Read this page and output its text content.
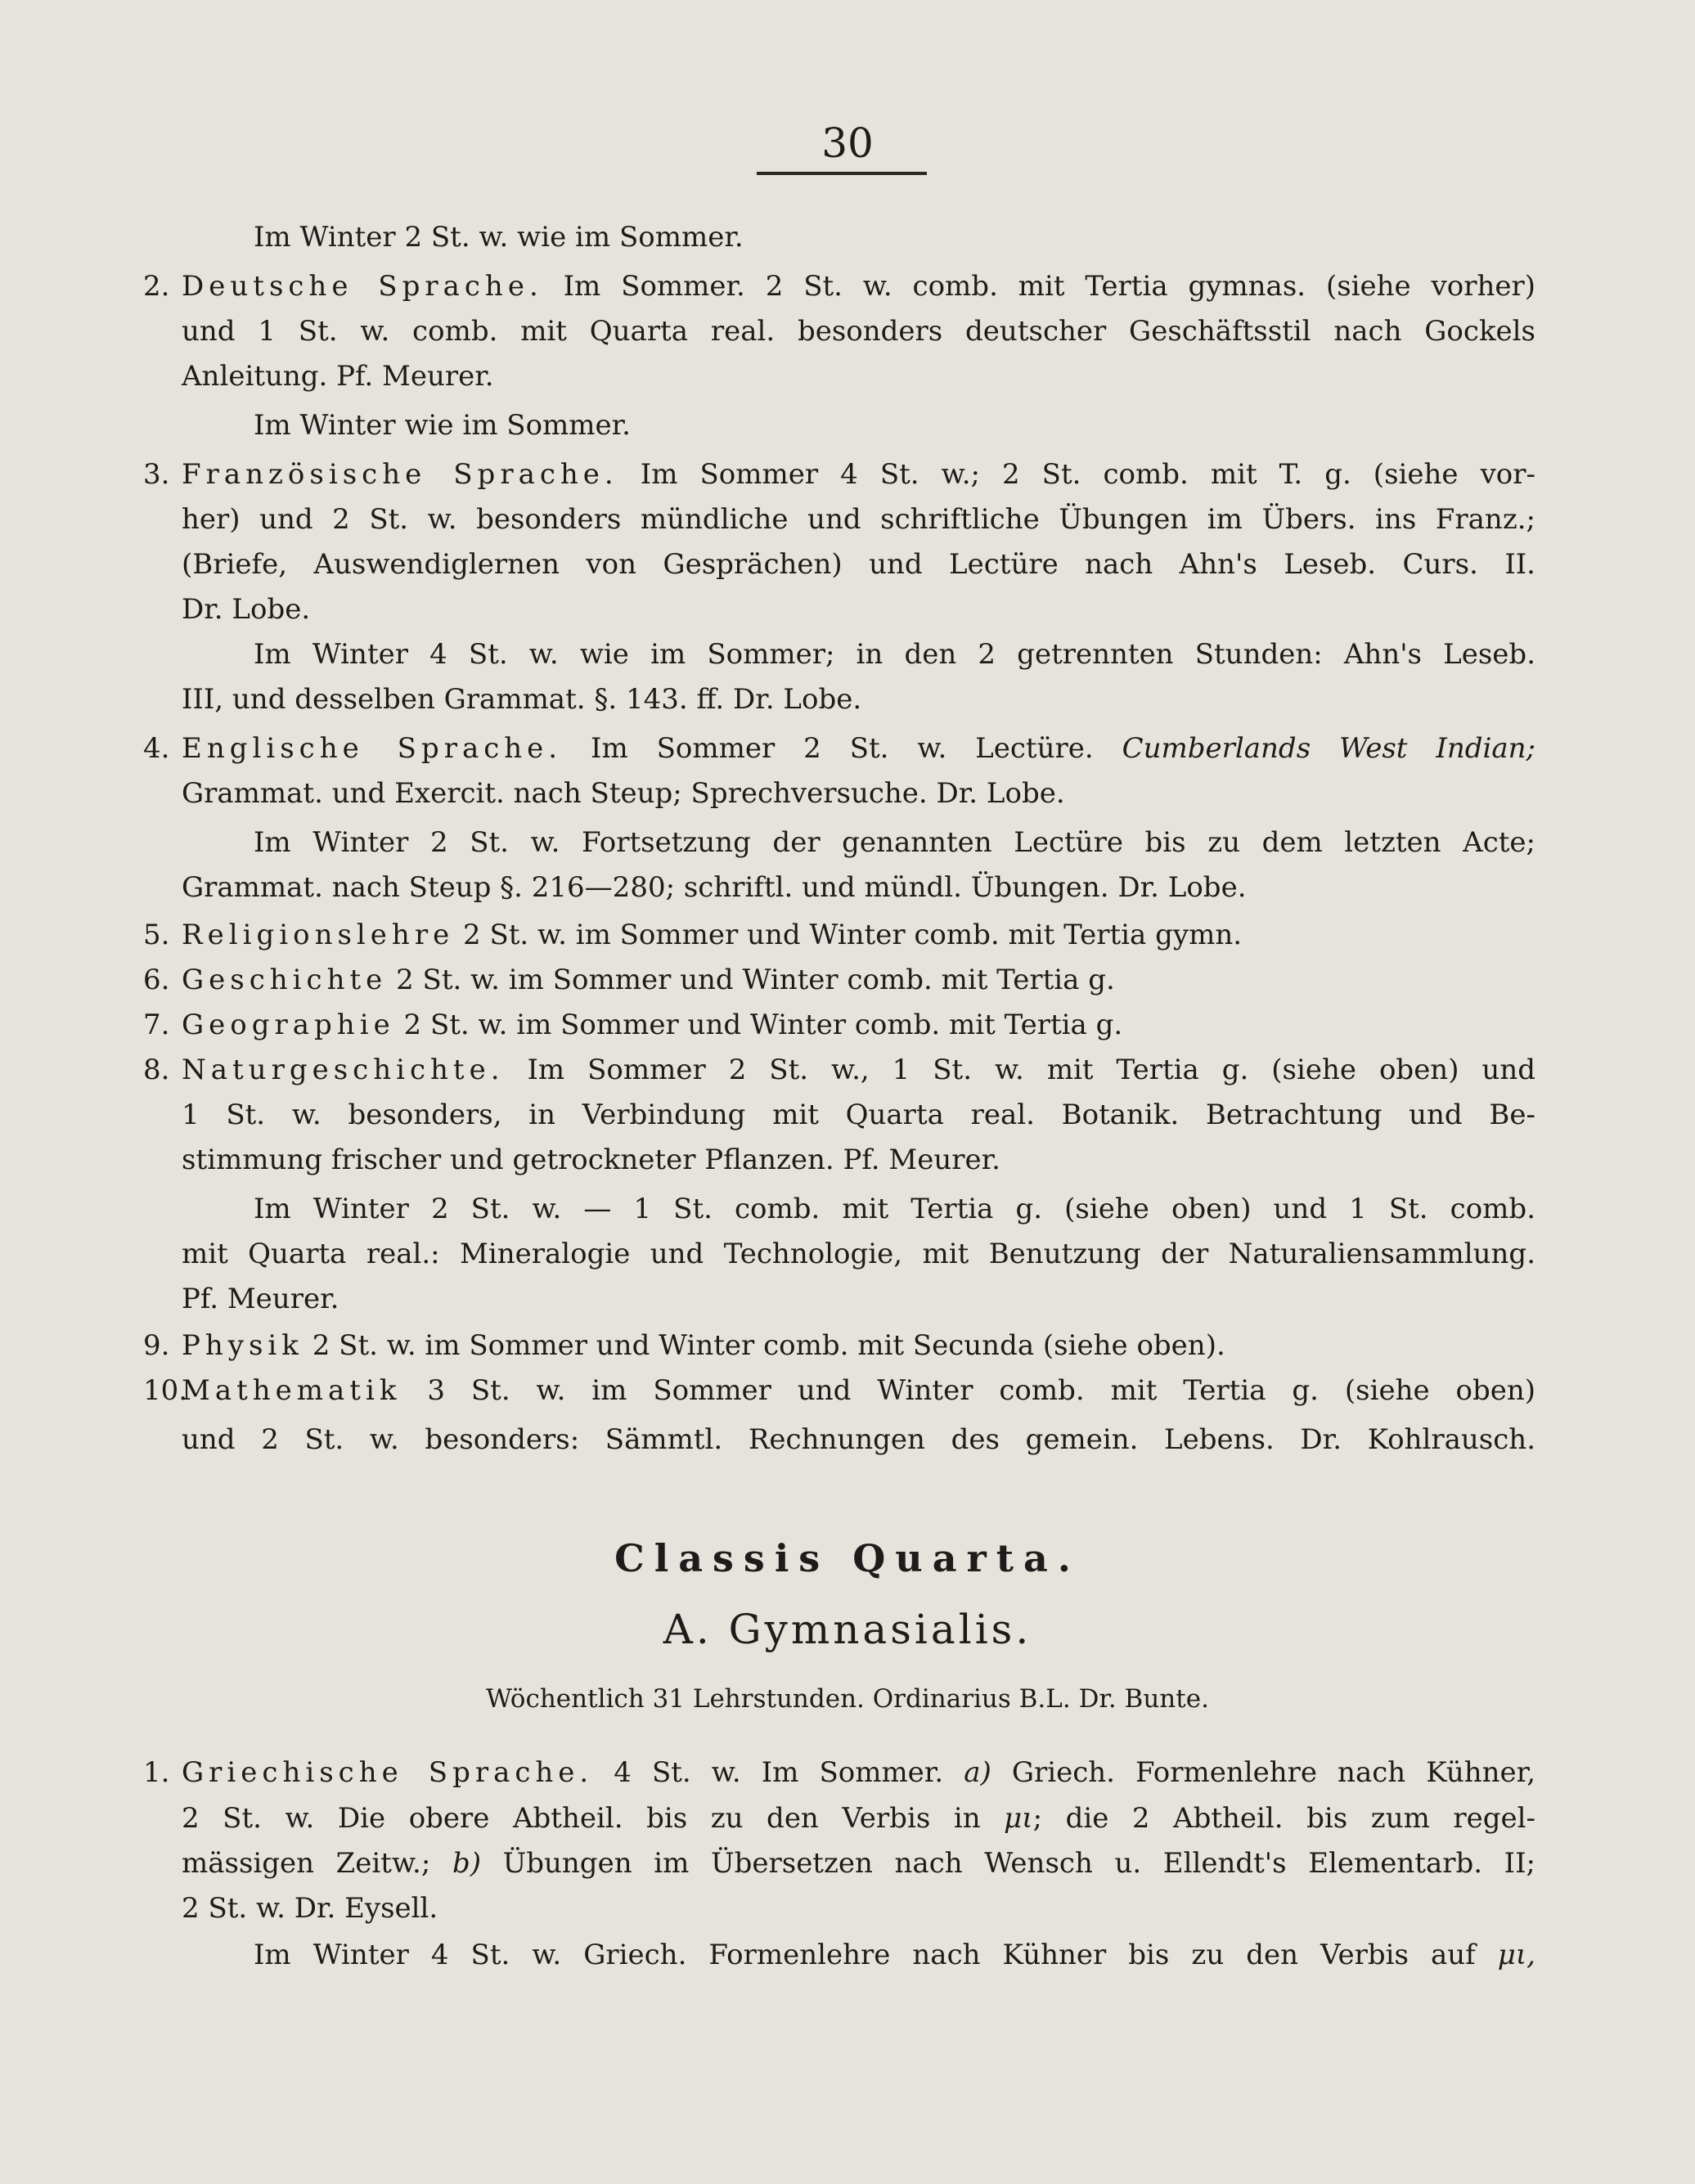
30
Im Winter 2 St. w. wie im Sommer.
2. Deutsche Sprache. Im Sommer. 2 St. w. comb. mit Tertia gymnas. (siehe vorher)
und 1 St. w. comb. mit Quarta real. besonders deutscher Geschäftsstil nach Gockels
Anleitung. Pf. Meurer.
Im Winter wie im Sommer.
3. Französische Sprache. Im Sommer 4 St. w.; 2 St. comb. mit T. g. (siehe vor-
her) und 2 St. w. besonders mündliche und schriftliche Übungen im Übers. ins Franz.;
(Briefe, Auswendiglernen von Gesprächen) und Lectüre nach Ahn's Leseb. Curs. II.
Dr. Lobe.
Im Winter 4 St. w. wie im Sommer; in den 2 getrennten Stunden: Ahn's Leseb.
III, und desselben Grammat. §. 143. ff. Dr. Lobe.
4. Englische Sprache. Im Sommer 2 St. w. Lectüre. Cumberlands West Indian;
Grammat. und Exercit. nach Steup; Sprechversuche. Dr. Lobe.
Im Winter 2 St. w. Fortsetzung der genannten Lectüre bis zu dem letzten Acte;
Grammat. nach Steup §. 216—280; schriftl. und mündl. Übungen. Dr. Lobe.
5. Religionslehre 2 St. w. im Sommer und Winter comb. mit Tertia gymn.
6. Geschichte 2 St. w. im Sommer und Winter comb. mit Tertia g.
7. Geographie 2 St. w. im Sommer und Winter comb. mit Tertia g.
8. Naturgeschichte. Im Sommer 2 St. w., 1 St. w. mit Tertia g. (siehe oben) und
1 St. w. besonders, in Verbindung mit Quarta real. Botanik. Betrachtung und Be-
stimmung frischer und getrockneter Pflanzen. Pf. Meurer.
Im Winter 2 St. w. — 1 St. comb. mit Tertia g. (siehe oben) und 1 St. comb.
mit Quarta real.: Mineralogie und Technologie, mit Benutzung der Naturaliensammlung.
Pf. Meurer.
9. Physik 2 St. w. im Sommer und Winter comb. mit Secunda (siehe oben).
10.
Mathematik 3 St. w. im Sommer und Winter comb. mit Tertia g. (siehe oben)
und 2 St. w. besonders: Sämmtl. Rechnungen des gemein. Lebens. Dr. Kohlrausch.
Classis Quarta.
A. Gymnasialis.
Wöchentlich 31 Lehrstunden. Ordinarius B.L. Dr. Bunte.
1. Griechische Sprache. 4 St. w. Im Sommer. a) Griech. Formenlehre nach Kühner,
2 St. w. Die obere Abtheil. bis zu den Verbis in μι; die 2 Abtheil. bis zum regel-
mässigen Zeitw.; b) Übungen im Übersetzen nach Wensch u. Ellendt's Elementarb. II;
2 St. w. Dr. Eysell.
Im Winter 4 St. w. Griech. Formenlehre nach Kühner bis zu den Verbis auf μι,
